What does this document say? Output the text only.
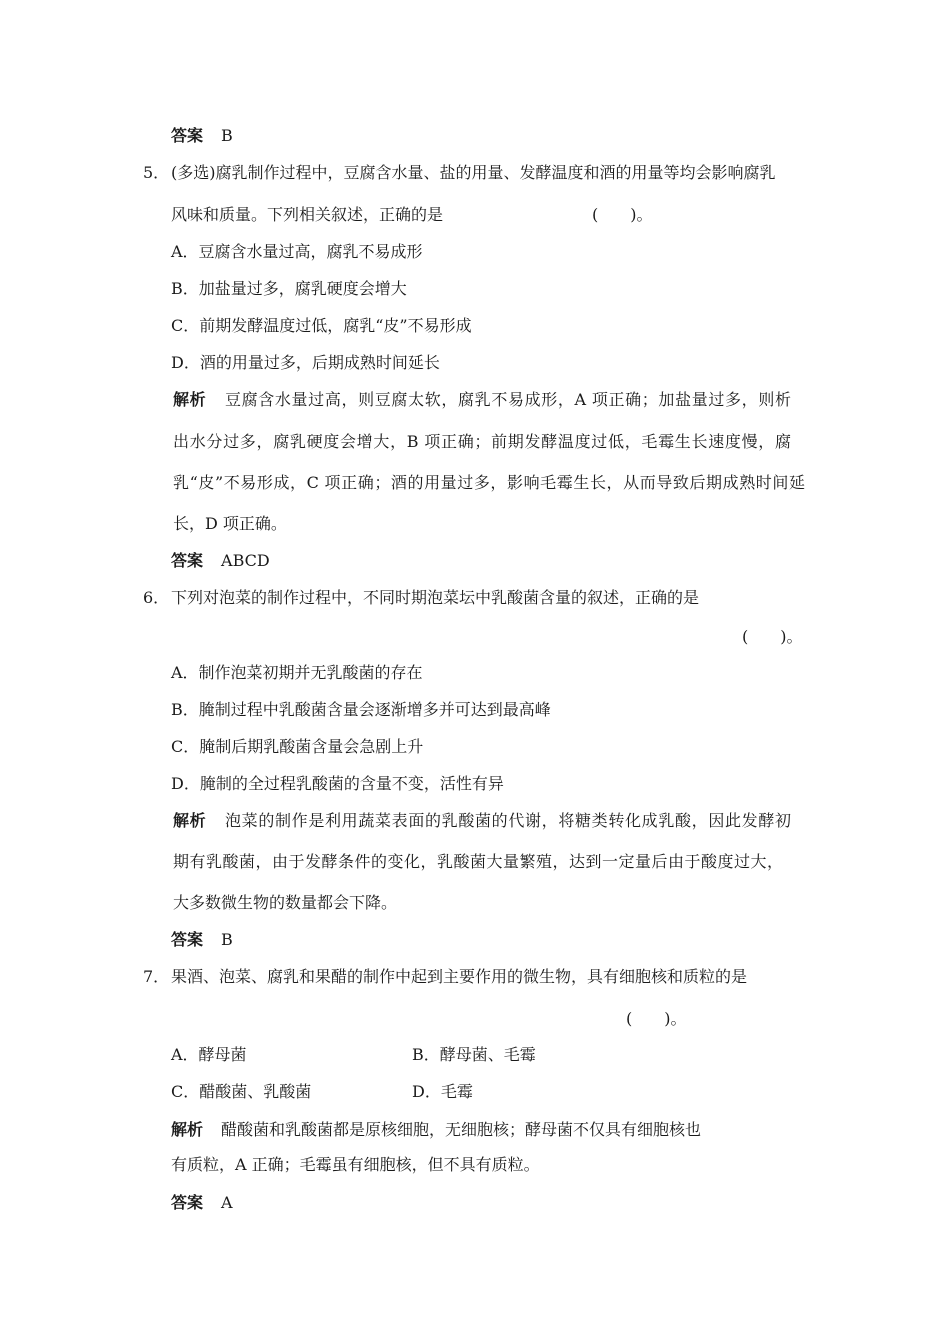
答案 B
5． (多选)腐乳制作过程中，豆腐含水量、盐的用量、发酵温度和酒的用量等均会影响腐乳
风味和质量。下列相关叙述，正确的是	(　　)。
A．豆腐含水量过高，腐乳不易成形
B．加盐量过多，腐乳硬度会增大
C．前期发酵温度过低，腐乳“皮”不易形成
D．酒的用量过多，后期成熟时间延长
解析 豆腐含水量过高，则豆腐太软，腐乳不易成形，A 项正确；加盐量过多，则析
出水分过多，腐乳硬度会增大，B 项正确；前期发酵温度过低，毛霉生长速度慢，腐
乳“皮”不易形成，C 项正确；酒的用量过多，影响毛霉生长，从而导致后期成熟时间延
长，D 项正确。
答案 ABCD
6． 下列对泡菜的制作过程中，不同时期泡菜坛中乳酸菌含量的叙述，正确的是
(　　)。
A．制作泡菜初期并无乳酸菌的存在
B．腌制过程中乳酸菌含量会逐渐增多并可达到最高峰
C．腌制后期乳酸菌含量会急剧上升
D．腌制的全过程乳酸菌的含量不变，活性有异
解析 泡菜的制作是利用蔬菜表面的乳酸菌的代谢，将糖类转化成乳酸，因此发酵初
期有乳酸菌，由于发酵条件的变化，乳酸菌大量繁殖，达到一定量后由于酸度过大，
大多数微生物的数量都会下降。
答案 B
7． 果酒、泡菜、腐乳和果醋的制作中起到主要作用的微生物，具有细胞核和质粒的是
(　　)。
A．酵母菌	B．酵母菌、毛霉
C．醋酸菌、乳酸菌	D．毛霉
解析 醋酸菌和乳酸菌都是原核细胞，无细胞核；酵母菌不仅具有细胞核也
有质粒，A 正确；毛霉虽有细胞核，但不具有质粒。
答案 A
